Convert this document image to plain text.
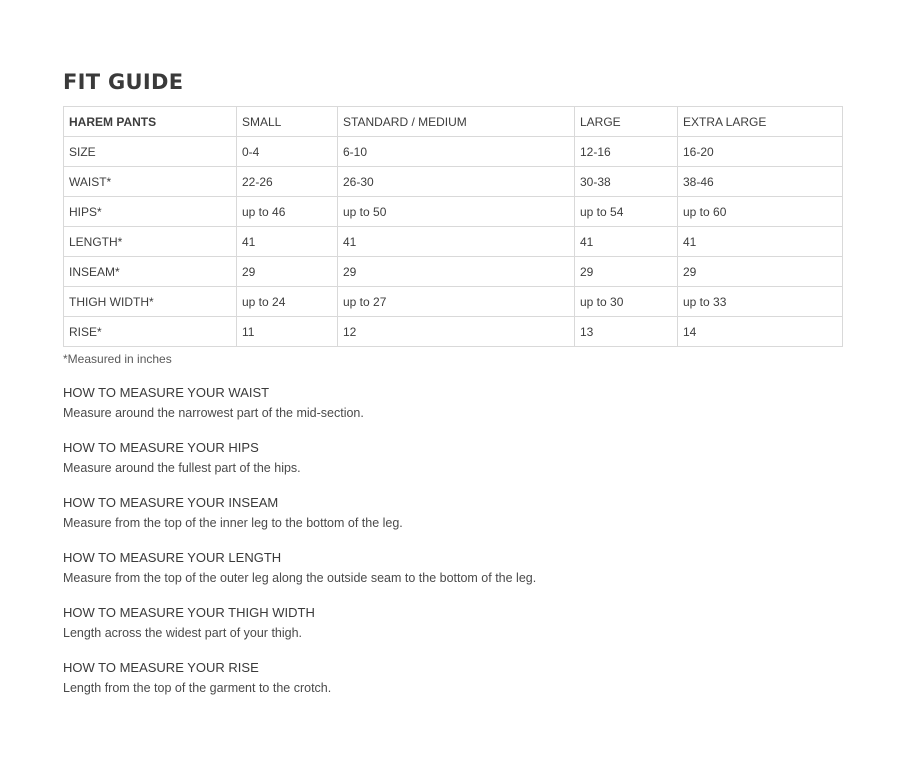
FIT GUIDE
HAREM PANTS	SMALL	STANDARD / MEDIUM	LARGE	EXTRA LARGE
SIZE	0-4	6-10	12-16	16-20
WAIST*	22-26	26-30	30-38	38-46
HIPS*	up to 46	up to 50	up to 54	up to 60
LENGTH*	41	41	41	41
INSEAM*	29	29	29	29
THIGH WIDTH*	up to 24	up to 27	up to 30	up to 33
RISE*	11	12	13	14

*Measured in inches

HOW TO MEASURE YOUR WAIST

Measure around the narrowest part of the mid-section.

HOW TO MEASURE YOUR HIPS

Measure around the fullest part of the hips.

HOW TO MEASURE YOUR INSEAM

Measure from the top of the inner leg to the bottom of the leg.

HOW TO MEASURE YOUR LENGTH

Measure from the top of the outer leg along the outside seam to the bottom of the leg.

HOW TO MEASURE YOUR THIGH WIDTH

Length across the widest part of your thigh.

HOW TO MEASURE YOUR RISE

Length from the top of the garment to the crotch.
